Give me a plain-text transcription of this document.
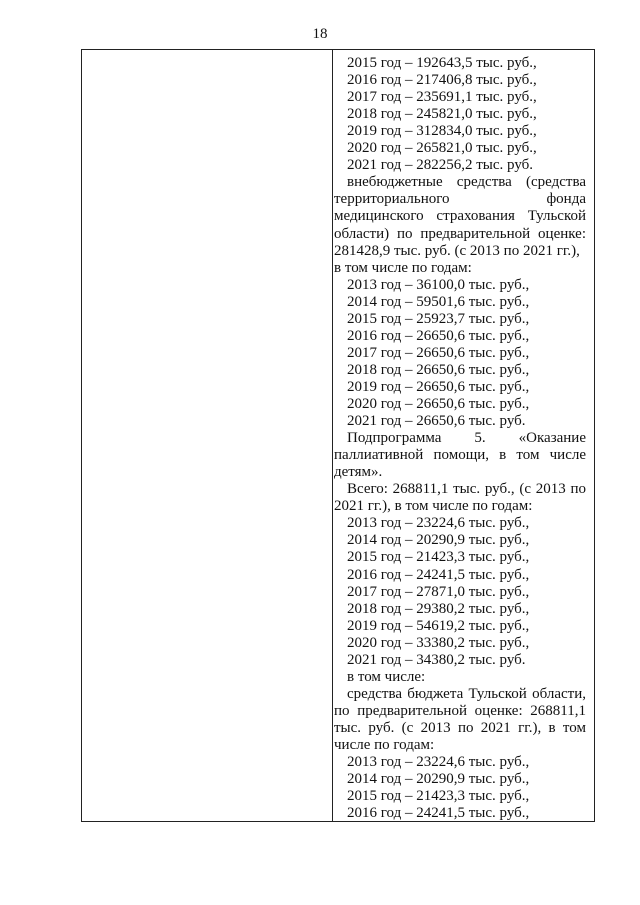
18
2015 год – 192643,5 тыс. руб.,
2016 год – 217406,8 тыс. руб.,
2017 год – 235691,1 тыс. руб.,
2018 год – 245821,0 тыс. руб.,
2019 год – 312834,0 тыс. руб.,
2020 год – 265821,0 тыс. руб.,
2021 год – 282256,2 тыс. руб.
внебюджетные средства (средства
территориального фонда
медицинского страхования Тульской
области) по предварительной оценке:
281428,9 тыс. руб. (с 2013 по 2021 гг.),
в том числе по годам:
2013 год – 36100,0 тыс. руб.,
2014 год – 59501,6 тыс. руб.,
2015 год – 25923,7 тыс. руб.,
2016 год – 26650,6 тыс. руб.,
2017 год – 26650,6 тыс. руб.,
2018 год – 26650,6 тыс. руб.,
2019 год – 26650,6 тыс. руб.,
2020 год – 26650,6 тыс. руб.,
2021 год – 26650,6 тыс. руб.
Подпрограмма 5. «Оказание
паллиативной помощи, в том числе
детям».
Всего: 268811,1 тыс. руб., (с 2013 по
2021 гг.), в том числе по годам:
2013 год – 23224,6 тыс. руб.,
2014 год – 20290,9 тыс. руб.,
2015 год – 21423,3 тыс. руб.,
2016 год – 24241,5 тыс. руб.,
2017 год – 27871,0 тыс. руб.,
2018 год – 29380,2 тыс. руб.,
2019 год – 54619,2 тыс. руб.,
2020 год – 33380,2 тыс. руб.,
2021 год – 34380,2 тыс. руб.
в том числе:
средства бюджета Тульской области,
по предварительной оценке: 268811,1
тыс. руб. (с 2013 по 2021 гг.), в том
числе по годам:
2013 год – 23224,6 тыс. руб.,
2014 год – 20290,9 тыс. руб.,
2015 год – 21423,3 тыс. руб.,
2016 год – 24241,5 тыс. руб.,
